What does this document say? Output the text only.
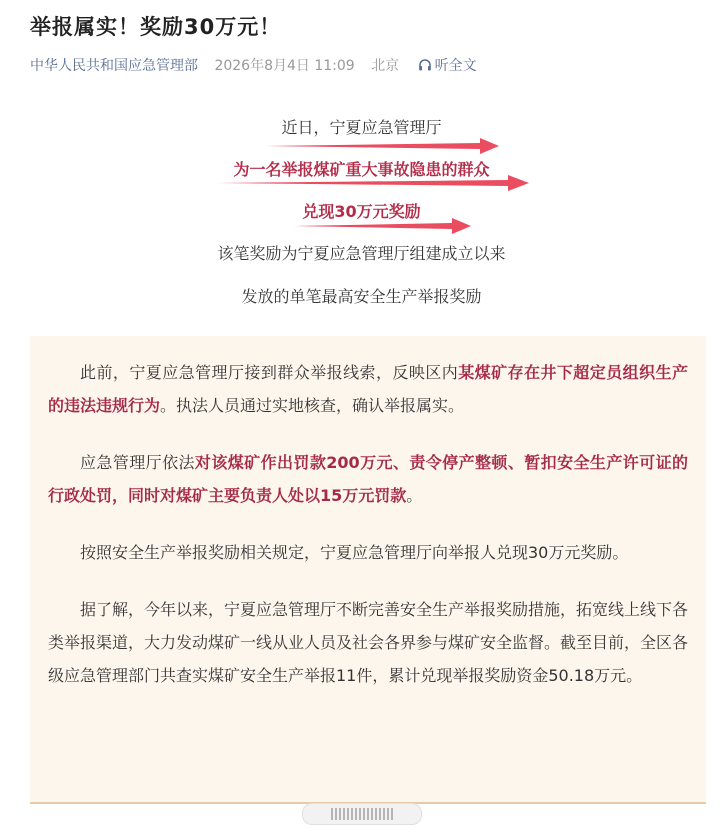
举报属实！奖励30万元！
中华人民共和国应急管理部 2026年8月4日 11:09 北京	听全文
近日，宁夏应急管理厅
为一名举报煤矿重大事故隐患的群众
兑现30万元奖励
该笔奖励为宁夏应急管理厅组建成立以来
发放的单笔最高安全生产举报奖励

此前，宁夏应急管理厅接到群众举报线索，反映区内某煤矿存在井下超定员组织生产的违法违规行为。执法人员通过实地核查，确认举报属实。

应急管理厅依法对该煤矿作出罚款200万元、责令停产整顿、暂扣安全生产许可证的行政处罚，同时对煤矿主要负责人处以15万元罚款。

按照安全生产举报奖励相关规定，宁夏应急管理厅向举报人兑现30万元奖励。

据了解，今年以来，宁夏应急管理厅不断完善安全生产举报奖励措施，拓宽线上线下各类举报渠道，大力发动煤矿一线从业人员及社会各界参与煤矿安全监督。截至目前，全区各级应急管理部门共查实煤矿安全生产举报11件，累计兑现举报奖励资金50.18万元。
